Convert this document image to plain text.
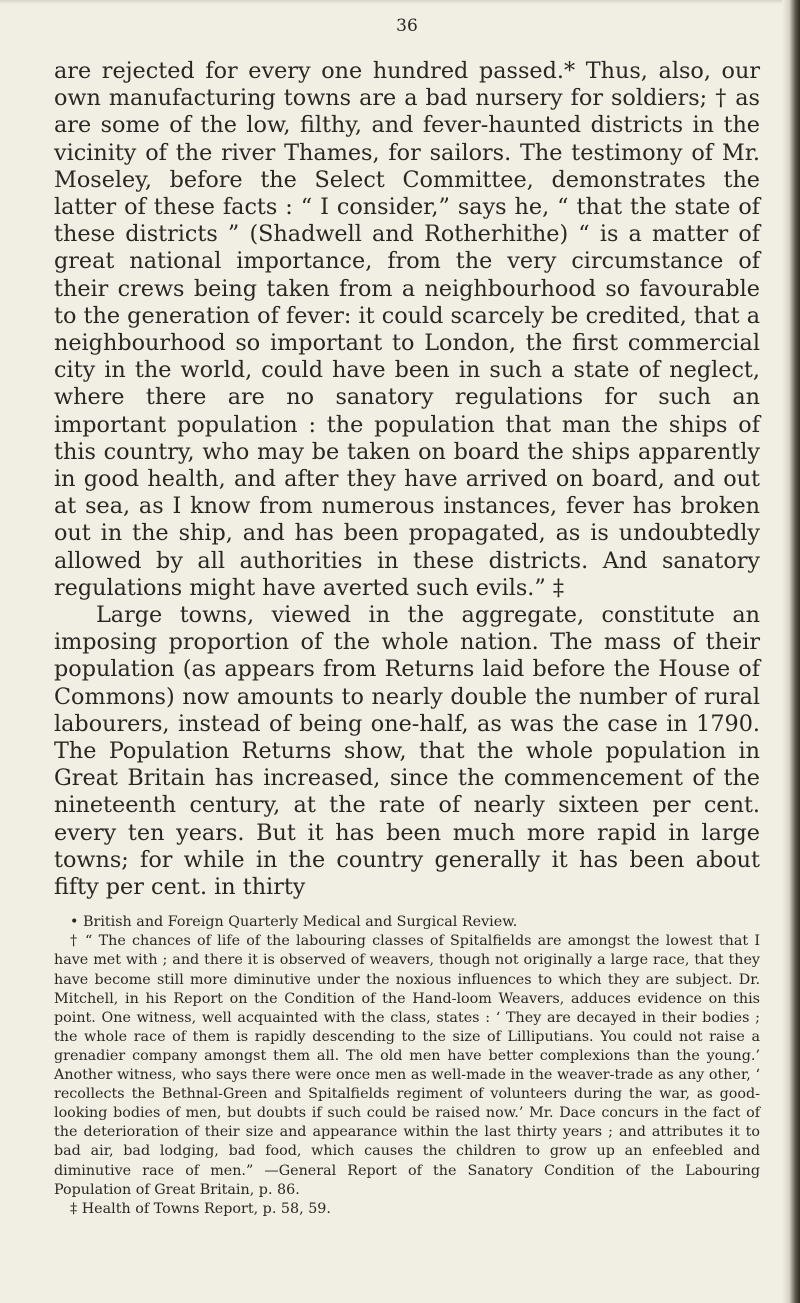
36

are rejected for every one hundred passed.* Thus, also, our own manufacturing towns are a bad nursery for soldiers; † as are some of the low, filthy, and fever-haunted districts in the vicinity of the river Thames, for sailors. The testimony of Mr. Moseley, before the Select Committee, demonstrates the latter of these facts : “ I consider,” says he, “ that the state of these districts ” (Shadwell and Rotherhithe) “ is a matter of great national importance, from the very circumstance of their crews being taken from a neighbourhood so favourable to the generation of fever: it could scarcely be credited, that a neighbourhood so important to London, the first commercial city in the world, could have been in such a state of neglect, where there are no sanatory regulations for such an important population : the population that man the ships of this country, who may be taken on board the ships apparently in good health, and after they have arrived on board, and out at sea, as I know from numerous instances, fever has broken out in the ship, and has been propagated, as is undoubtedly allowed by all authorities in these districts. And sanatory regulations might have averted such evils.” ‡

Large towns, viewed in the aggregate, constitute an imposing proportion of the whole nation. The mass of their population (as appears from Returns laid before the House of Commons) now amounts to nearly double the number of rural labourers, instead of being one-half, as was the case in 1790. The Population Returns show, that the whole population in Great Britain has increased, since the commencement of the nineteenth century, at the rate of nearly sixteen per cent. every ten years. But it has been much more rapid in large towns; for while in the country generally it has been about fifty per cent. in thirty

• British and Foreign Quarterly Medical and Surgical Review.

† “ The chances of life of the labouring classes of Spitalfields are amongst the lowest that I have met with ; and there it is observed of weavers, though not originally a large race, that they have become still more diminutive under the noxious influences to which they are subject. Dr. Mitchell, in his Report on the Condition of the Hand-loom Weavers, adduces evidence on this point. One witness, well acquainted with the class, states : ‘ They are decayed in their bodies ; the whole race of them is rapidly descending to the size of Lilliputians. You could not raise a grenadier company amongst them all. The old men have better complexions than the young.’ Another witness, who says there were once men as well-made in the weaver-trade as any other, ‘ recollects the Bethnal-Green and Spitalfields regiment of volunteers during the war, as good-looking bodies of men, but doubts if such could be raised now.’ Mr. Dace concurs in the fact of the deterioration of their size and appearance within the last thirty years ; and attributes it to bad air, bad lodging, bad food, which causes the children to grow up an enfeebled and diminutive race of men.” —General Report of the Sanatory Condition of the Labouring Population of Great Britain, p. 86.

‡ Health of Towns Report, p. 58, 59.
